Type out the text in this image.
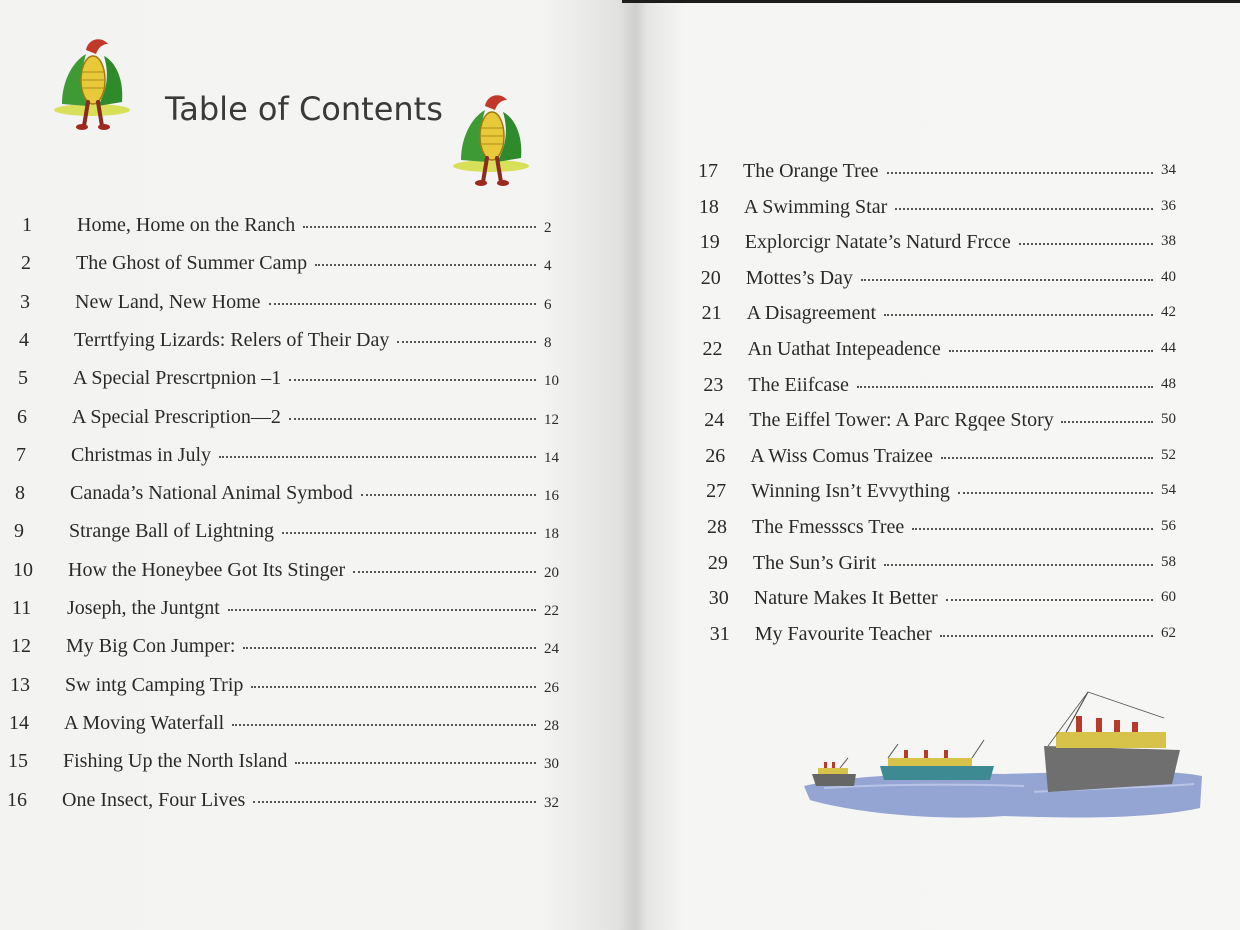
Table of Contents
1 Home, Home on the Ranch	2
2 The Ghost of Summer Camp	4
3 New Land, New Home	6
4 Terrtfying Lizards: Relers of Their Day	8
5 A Special Prescrtpnion –1	10
6 A Special Prescription—2	12
7 Christmas in July	14
8 Canada’s National Animal Symbod	16
9 Strange Ball of Lightning	18
10 How the Honeybee Got Its Stinger	20
11 Joseph, the Juntgnt	22
12 My Big Con Jumper:	24
13 Sw intg Camping Trip	26
14 A Moving Waterfall	28
15 Fishing Up the North Island	30
16 One Insect, Four Lives	32
17 The Orange Tree	34
18 A Swimming Star	36
19 Explorcigr Natate’s Naturd Frcce	38
20 Mottes’s Day	40
21 A Disagreement	42
22 An Uathat Intepeadence	44
23 The Eiifcase	48
24 The Eiffel Tower: A Parc Rgqee Story	50
26 A Wiss Comus Traizee	52
27 Winning Isn’t Evvything	54
28 The Fmessscs Tree	56
29 The Sun’s Girit	58
30 Nature Makes It Better	60
31 My Favourite Teacher	62
